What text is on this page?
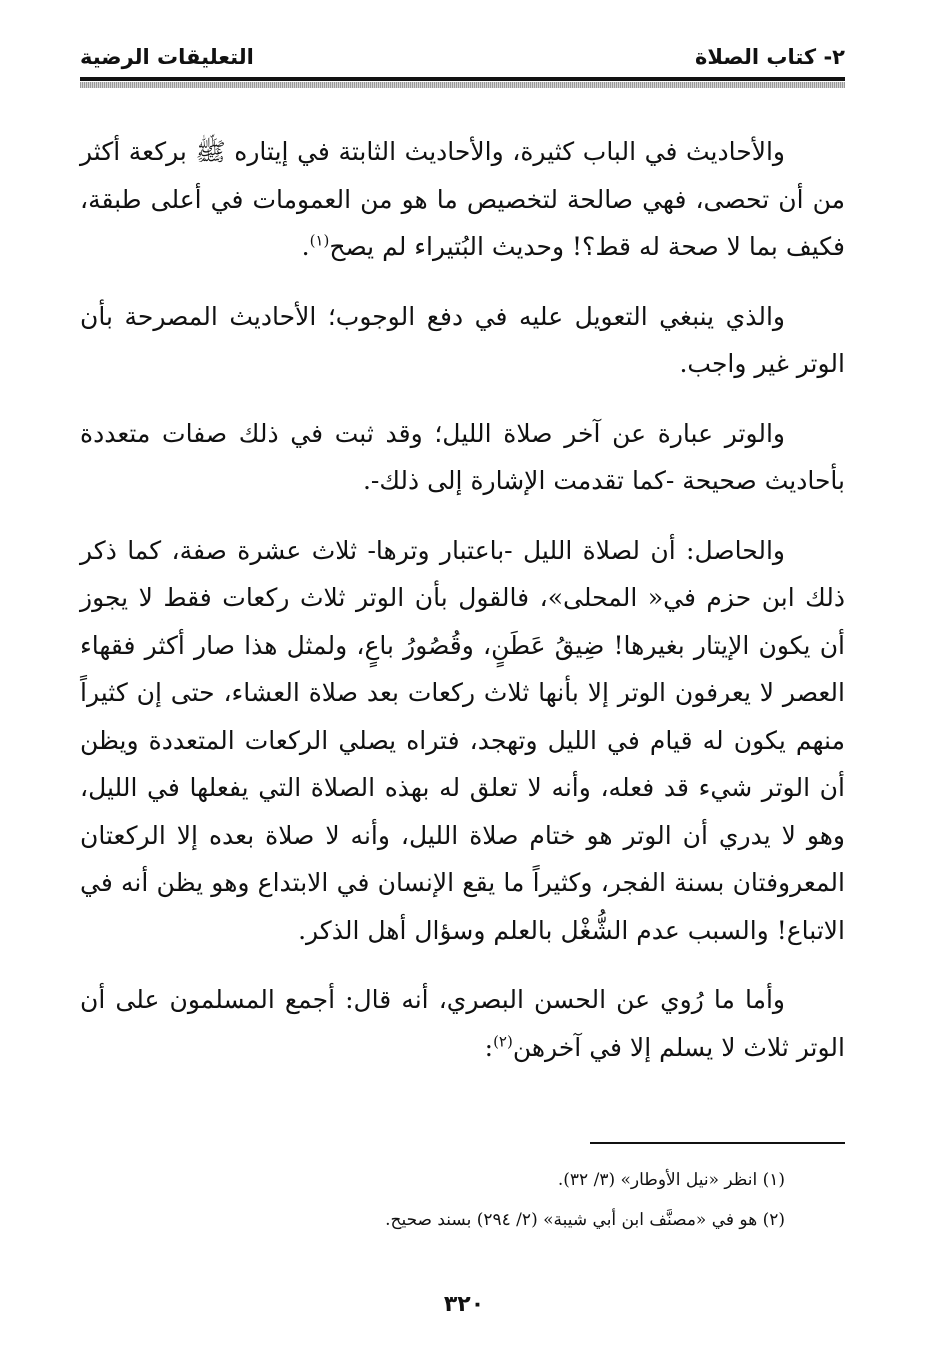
٢- كتاب الصلاة
التعليقات الرضية

والأحاديث في الباب كثيرة، والأحاديث الثابتة في إيتاره ﷺ بركعة أكثر من أن تحصى، فهي صالحة لتخصيص ما هو من العمومات في أعلى طبقة، فكيف بما لا صحة له قط؟! وحديث البُتيراء لم يصح$^{(١)}$.

والذي ينبغي التعويل عليه في دفع الوجوب؛ الأحاديث المصرحة بأن الوتر غير واجب.

والوتر عبارة عن آخر صلاة الليل؛ وقد ثبت في ذلك صفات متعددة بأحاديث صحيحة -كما تقدمت الإشارة إلى ذلك-.

والحاصل: أن لصلاة الليل -باعتبار وترها- ثلاث عشرة صفة، كما ذكر ذلك ابن حزم في« المحلى»، فالقول بأن الوتر ثلاث ركعات فقط لا يجوز أن يكون الإيتار بغيرها! ضِيقُ عَطَنٍ، وقُصُورُ باعٍ، ولمثل هذا صار أكثر فقهاء العصر لا يعرفون الوتر إلا بأنها ثلاث ركعات بعد صلاة العشاء، حتى إن كثيراً منهم يكون له قيام في الليل وتهجد، فتراه يصلي الركعات المتعددة ويظن أن الوتر شيء قد فعله، وأنه لا تعلق له بهذه الصلاة التي يفعلها في الليل، وهو لا يدري أن الوتر هو ختام صلاة الليل، وأنه لا صلاة بعده إلا الركعتان المعروفتان بسنة الفجر، وكثيراً ما يقع الإنسان في الابتداع وهو يظن أنه في الاتباع! والسبب عدم الشُّغْل بالعلم وسؤال أهل الذكر.

وأما ما رُوي عن الحسن البصري، أنه قال: أجمع المسلمون على أن الوتر ثلاث لا يسلم إلا في آخرهن$^{(٢)}$:

(١) انظر «نيل الأوطار» (٣/ ٣٢).
(٢) هو في «مصنَّف ابن أبي شيبة» (٢/ ٢٩٤) بسند صحيح.
٣٢٠
